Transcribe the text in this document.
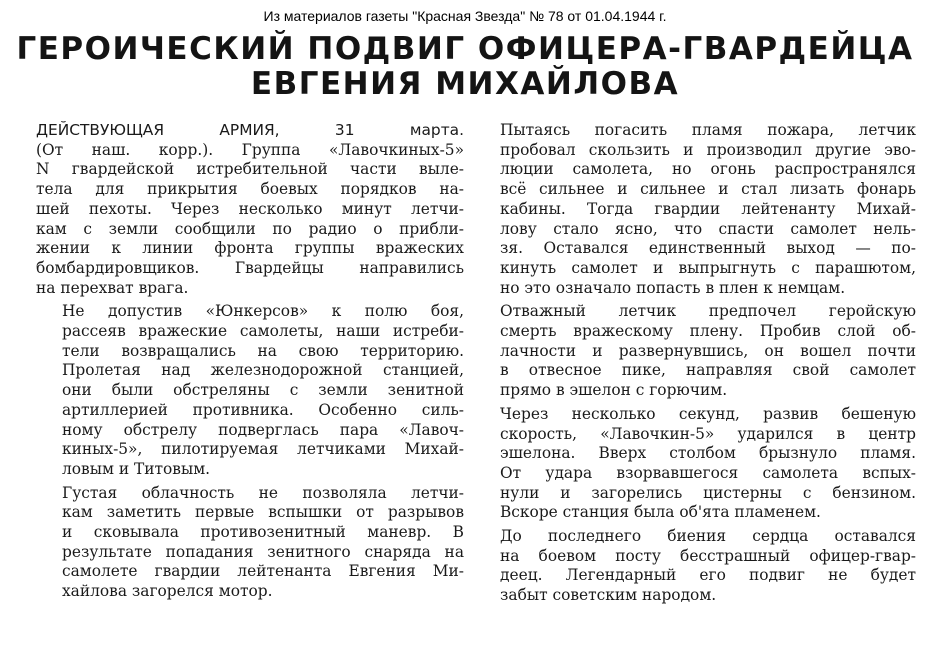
Из материалов газеты "Красная Звезда" № 78 от 01.04.1944 г.
ГЕРОИЧЕСКИЙ ПОДВИГ ОФИЦЕРА-ГВАРДЕЙЦА
ЕВГЕНИЯ МИХАЙЛОВА

ДЕЙСТВУЮЩАЯ АРМИЯ, 31 марта.
(От наш. корр.). Группа «Лавочкиных-5»
N гвардейской истребительной части выле-
тела для прикрытия боевых порядков на-
шей пехоты. Через несколько минут летчи-
кам с земли сообщили по радио о прибли-
жении к линии фронта группы вражеских
бомбардировщиков. Гвардейцы направились
на перехват врага.

Не допустив «Юнкерсов» к полю боя,
рассеяв вражеские самолеты, наши истреби-
тели возвращались на свою территорию.
Пролетая над железнодорожной станцией,
они были обстреляны с земли зенитной
артиллерией противника. Особенно силь-
ному обстрелу подверглась пара «Лавоч-
киных-5», пилотируемая летчиками Михай-
ловым и Титовым.

Густая облачность не позволяла летчи-
кам заметить первые вспышки от разрывов
и сковывала противозенитный маневр. В
результате попадания зенитного снаряда на
самолете гвардии лейтенанта Евгения Ми-
хайлова загорелся мотор.

Пытаясь погасить пламя пожара, летчик
пробовал скользить и производил другие эво-
люции самолета, но огонь распространялся
всё сильнее и сильнее и стал лизать фонарь
кабины. Тогда гвардии лейтенанту Михай-
лову стало ясно, что спасти самолет нель-
зя. Оставался единственный выход — по-
кинуть самолет и выпрыгнуть с парашютом,
но это означало попасть в плен к немцам.

Отважный летчик предпочел геройскую
смерть вражескому плену. Пробив слой об-
лачности и развернувшись, он вошел почти
в отвесное пике, направляя свой самолет
прямо в эшелон с горючим.

Через несколько секунд, развив бешеную
скорость, «Лавочкин-5» ударился в центр
эшелона. Вверх столбом брызнуло пламя.
От удара взорвавшегося самолета вспых-
нули и загорелись цистерны с бензином.
Вскоре станция была об'ята пламенем.

До последнего биения сердца оставался
на боевом посту бесстрашный офицер-гвар-
деец. Легендарный его подвиг не будет
забыт советским народом.
